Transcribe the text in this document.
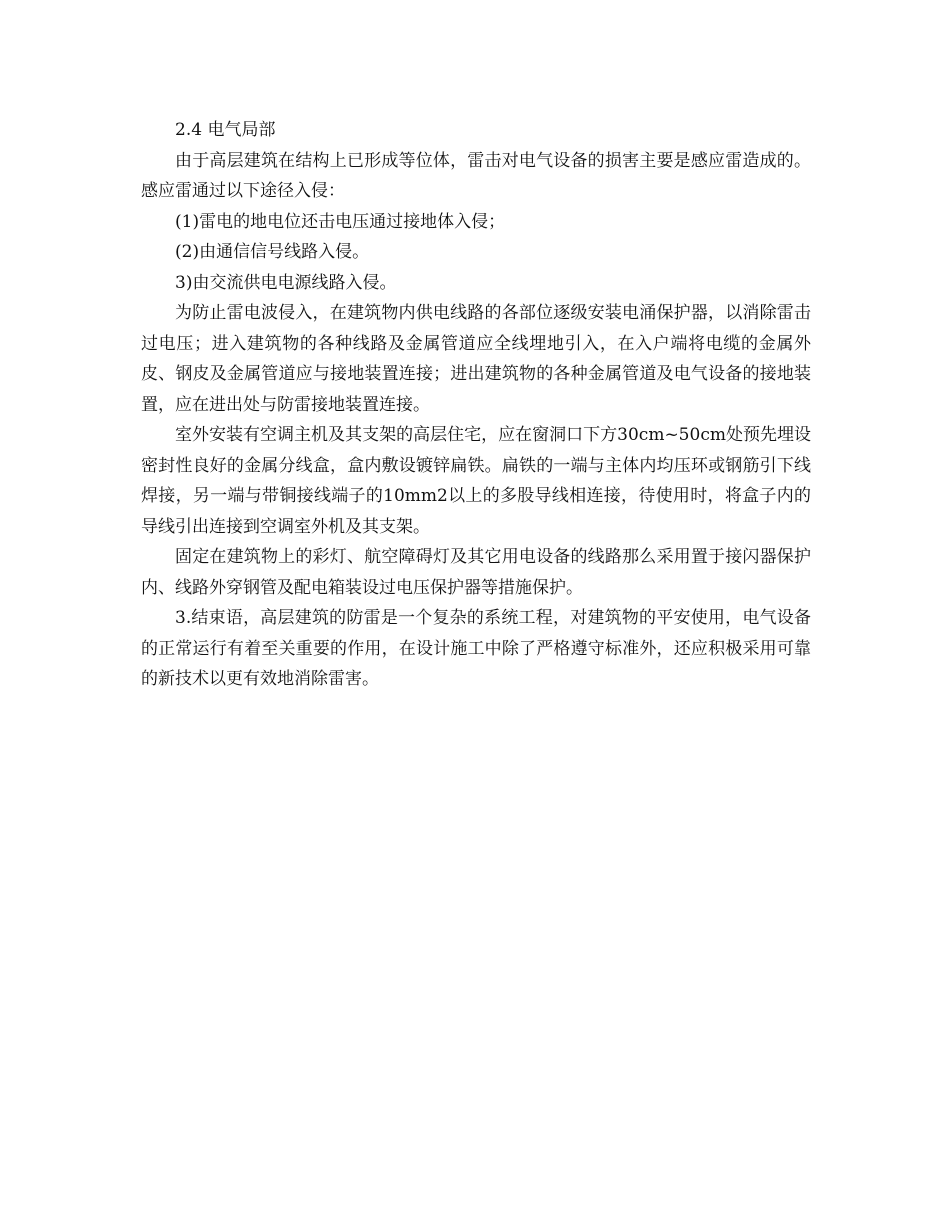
2.4 电气局部

由于高层建筑在结构上已形成等位体，雷击对电气设备的损害主要是感应雷造成的。感应雷通过以下途径入侵：

(1)雷电的地电位还击电压通过接地体入侵；

(2)由通信信号线路入侵。

3)由交流供电电源线路入侵。

为防止雷电波侵入，在建筑物内供电线路的各部位逐级安装电涌保护器，以消除雷击过电压；进入建筑物的各种线路及金属管道应全线埋地引入，在入户端将电缆的金属外皮、钢皮及金属管道应与接地装置连接；进出建筑物的各种金属管道及电气设备的接地装置，应在进出处与防雷接地装置连接。

室外安装有空调主机及其支架的高层住宅，应在窗洞口下方30cm~50cm处预先埋设密封性良好的金属分线盒，盒内敷设镀锌扁铁。扁铁的一端与主体内均压环或钢筋引下线焊接，另一端与带铜接线端子的10mm2以上的多股导线相连接，待使用时，将盒子内的导线引出连接到空调室外机及其支架。

固定在建筑物上的彩灯、航空障碍灯及其它用电设备的线路那么采用置于接闪器保护内、线路外穿钢管及配电箱装设过电压保护器等措施保护。

3.结束语，高层建筑的防雷是一个复杂的系统工程，对建筑物的平安使用，电气设备的正常运行有着至关重要的作用，在设计施工中除了严格遵守标准外，还应积极采用可靠的新技术以更有效地消除雷害。
